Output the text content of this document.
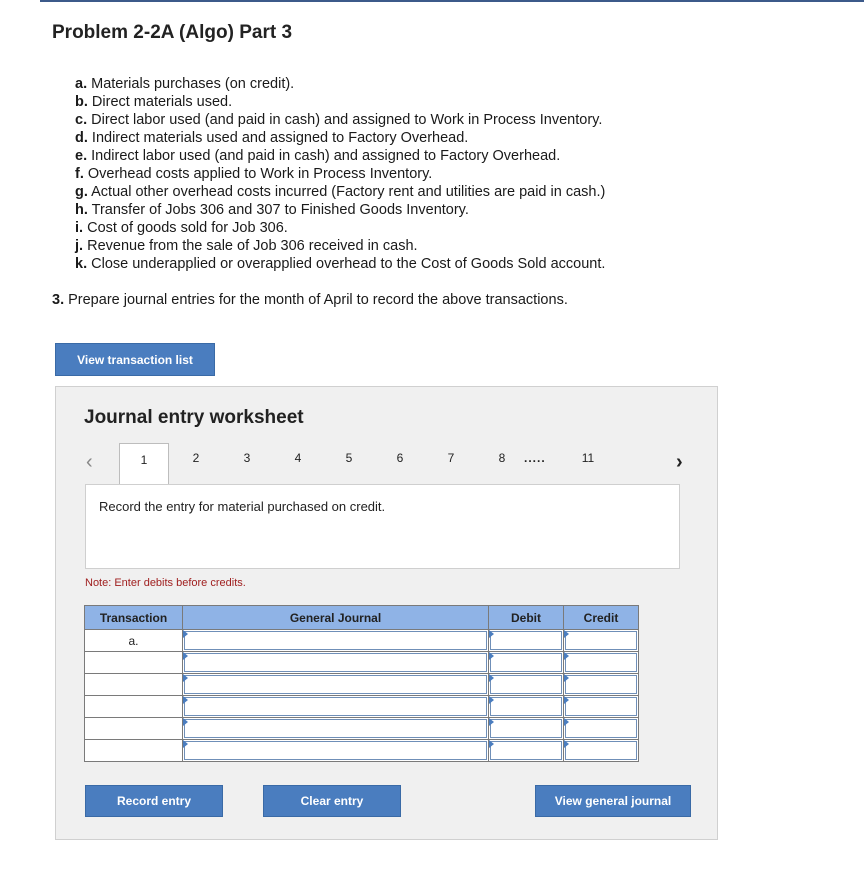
Problem 2-2A (Algo) Part 3
a. Materials purchases (on credit).
b. Direct materials used.
c. Direct labor used (and paid in cash) and assigned to Work in Process Inventory.
d. Indirect materials used and assigned to Factory Overhead.
e. Indirect labor used (and paid in cash) and assigned to Factory Overhead.
f. Overhead costs applied to Work in Process Inventory.
g. Actual other overhead costs incurred (Factory rent and utilities are paid in cash.)
h. Transfer of Jobs 306 and 307 to Finished Goods Inventory.
i. Cost of goods sold for Job 306.
j. Revenue from the sale of Job 306 received in cash.
k. Close underapplied or overapplied overhead to the Cost of Goods Sold account.
3. Prepare journal entries for the month of April to record the above transactions.
View transaction list
Journal entry worksheet
‹	1	2	3	4	5	6	7	8	.....	11	›
Record the entry for material purchased on credit.
Note: Enter debits before credits.
Transaction	General Journal	Debit	Credit
a.	

Record entry	Clear entry	View general journal
